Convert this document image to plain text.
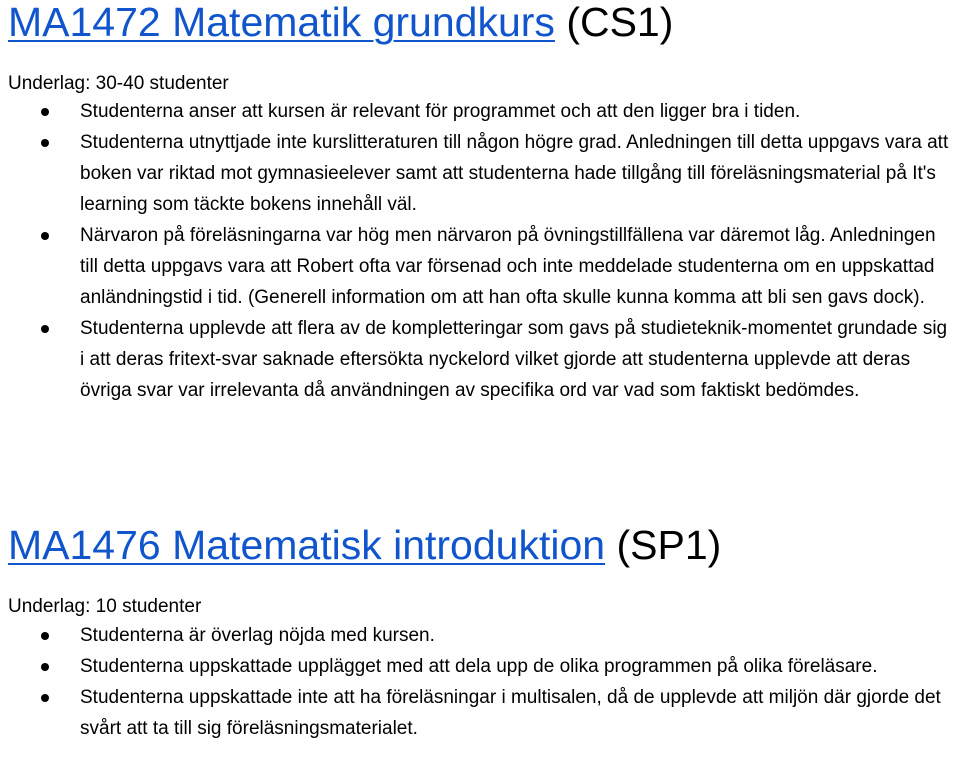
MA1472 Matematik grundkurs (CS1)
Underlag: 30-40 studenter
Studenterna anser att kursen är relevant för programmet och att den ligger bra i tiden.
Studenterna utnyttjade inte kurslitteraturen till någon högre grad. Anledningen till detta uppgavs vara att boken var riktad mot gymnasieelever samt att studenterna hade tillgång till föreläsningsmaterial på It's learning som täckte bokens innehåll väl.
Närvaron på föreläsningarna var hög men närvaron på övningstillfällena var däremot låg. Anledningen till detta uppgavs vara att Robert ofta var försenad och inte meddelade studenterna om en uppskattad anländningstid i tid. (Generell information om att han ofta skulle kunna komma att bli sen gavs dock).
Studenterna upplevde att flera av de kompletteringar som gavs på studieteknik-momentet grundade sig i att deras fritext-svar saknade eftersökta nyckelord vilket gjorde att studenterna upplevde att deras övriga svar var irrelevanta då användningen av specifika ord var vad som faktiskt bedömdes.
MA1476 Matematisk introduktion (SP1)
Underlag: 10 studenter
Studenterna är överlag nöjda med kursen.
Studenterna uppskattade upplägget med att dela upp de olika programmen på olika föreläsare.
Studenterna uppskattade inte att ha föreläsningar i multisalen, då de upplevde att miljön där gjorde det svårt att ta till sig föreläsningsmaterialet.
